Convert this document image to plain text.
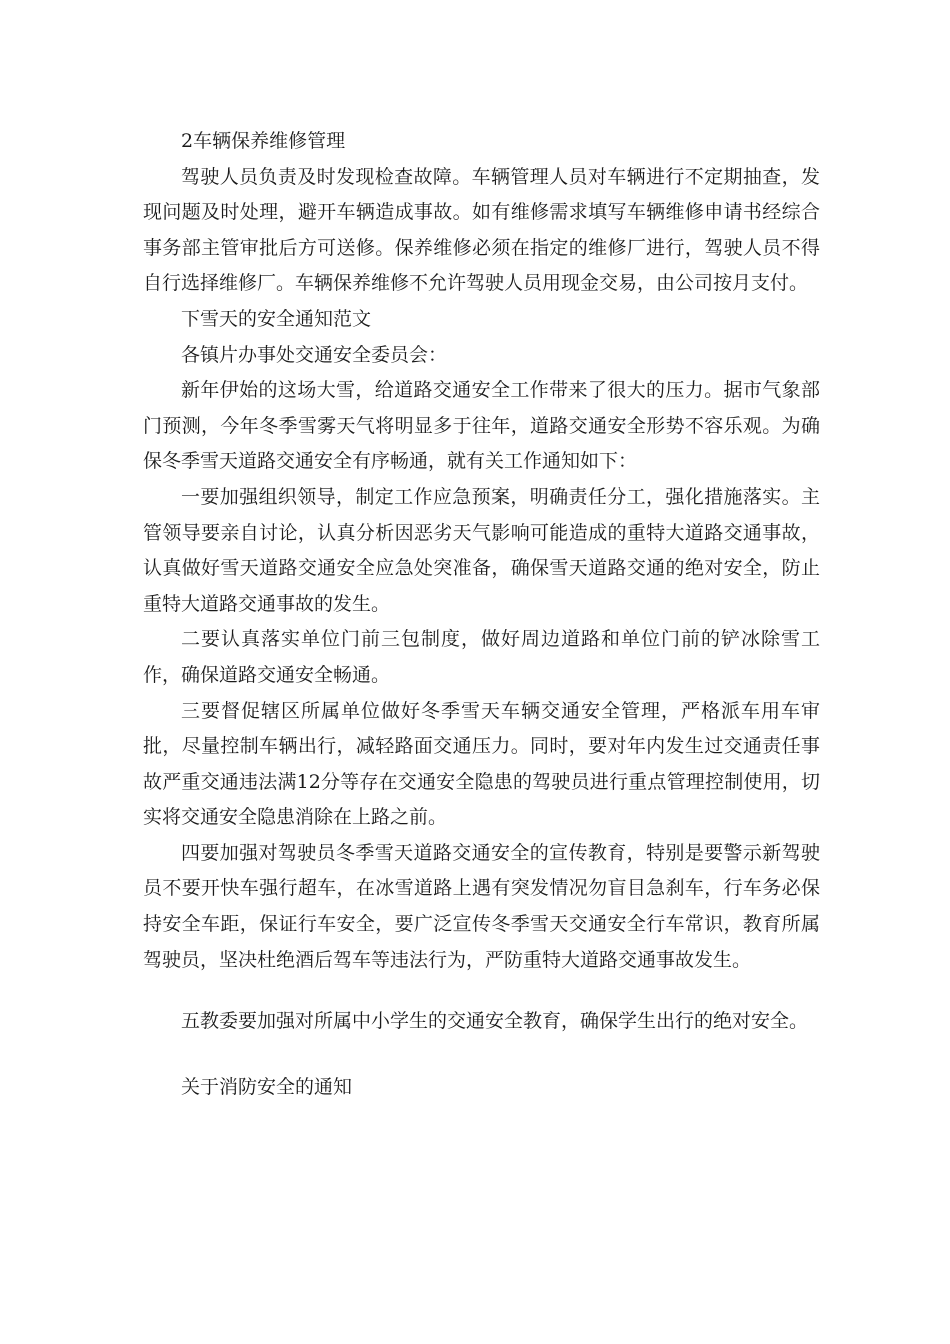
2车辆保养维修管理

驾驶人员负责及时发现检查故障。车辆管理人员对车辆进行不定期抽查，发现问题及时处理，避开车辆造成事故。如有维修需求填写车辆维修申请书经综合事务部主管审批后方可送修。保养维修必须在指定的维修厂进行，驾驶人员不得自行选择维修厂。车辆保养维修不允许驾驶人员用现金交易，由公司按月支付。

下雪天的安全通知范文

各镇片办事处交通安全委员会：

新年伊始的这场大雪，给道路交通安全工作带来了很大的压力。据市气象部门预测，今年冬季雪雾天气将明显多于往年，道路交通安全形势不容乐观。为确保冬季雪天道路交通安全有序畅通，就有关工作通知如下：

一要加强组织领导，制定工作应急预案，明确责任分工，强化措施落实。主管领导要亲自讨论，认真分析因恶劣天气影响可能造成的重特大道路交通事故，认真做好雪天道路交通安全应急处突准备，确保雪天道路交通的绝对安全，防止重特大道路交通事故的发生。

二要认真落实单位门前三包制度，做好周边道路和单位门前的铲冰除雪工作，确保道路交通安全畅通。

三要督促辖区所属单位做好冬季雪天车辆交通安全管理，严格派车用车审批，尽量控制车辆出行，减轻路面交通压力。同时，要对年内发生过交通责任事故严重交通违法满12分等存在交通安全隐患的驾驶员进行重点管理控制使用，切实将交通安全隐患消除在上路之前。

四要加强对驾驶员冬季雪天道路交通安全的宣传教育，特别是要警示新驾驶员不要开快车强行超车，在冰雪道路上遇有突发情况勿盲目急刹车，行车务必保持安全车距，保证行车安全，要广泛宣传冬季雪天交通安全行车常识，教育所属驾驶员，坚决杜绝酒后驾车等违法行为，严防重特大道路交通事故发生。

五教委要加强对所属中小学生的交通安全教育，确保学生出行的绝对安全。

关于消防安全的通知
